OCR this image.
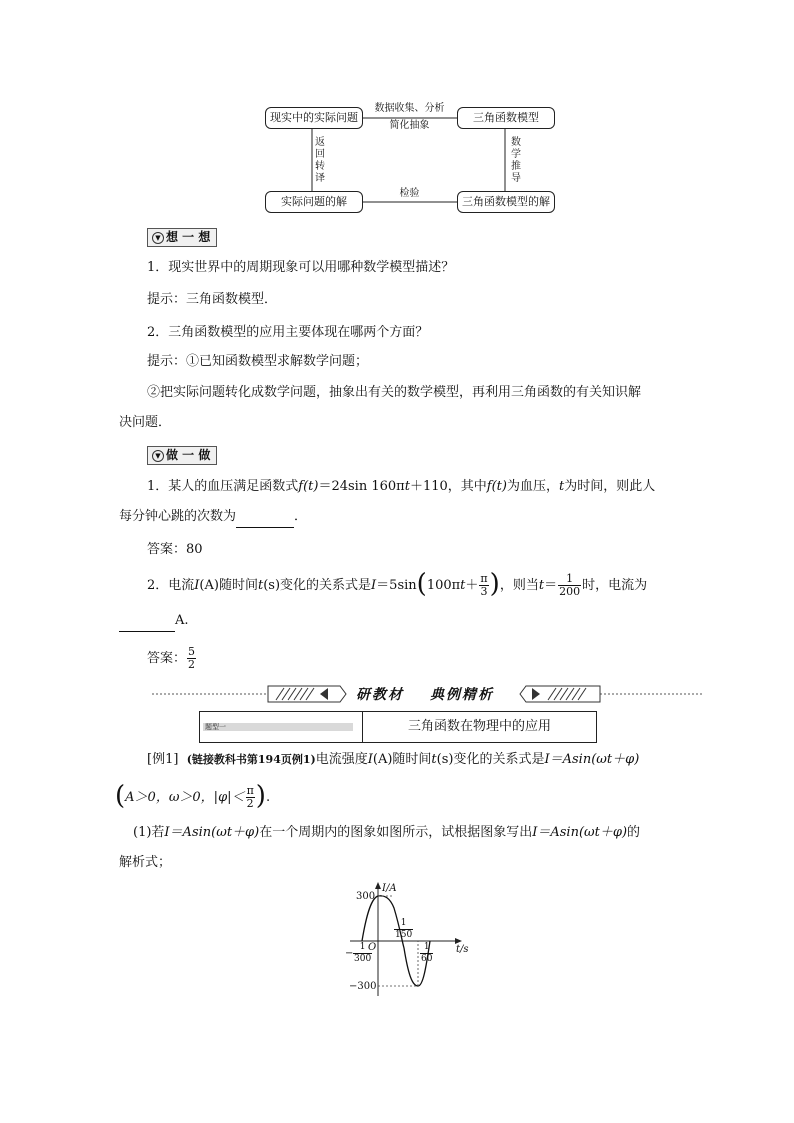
现实中的实际问题	三角函数模型
实际问题的解	三角函数模型的解
数据收集、分析
简化抽象
检验
返
回
转
译
数
学
推
导
▼ 想 一 想
1．现实世界中的周期现象可以用哪种数学模型描述？
提示：三角函数模型．
2．三角函数模型的应用主要体现在哪两个方面？
提示：①已知函数模型求解数学问题；
②把实际问题转化成数学问题，抽象出有关的数学模型，再利用三角函数的有关知识解
决问题．
▼ 做 一 做
1．某人的血压满足函数式f(t)＝24sin 160πt＋110，其中f(t)为血压，t为时间，则此人
每分钟心跳的次数为	．
答案：80
2．电流I(A)随时间t(s)变化的关系式是$I=5\sin(100\pi t+ \frac{\pi}{3}$ )，则当$t= \frac{1}{200}$ 时，电流为
A.
答案： $\frac{5}{2}$
研教材 典例精析
题型一	三角函数在物理中的应用
[例1] (链接教科书第194页例1)电流强度I(A)随时间t(s)变化的关系式是I＝Asin(ωt＋φ)
(A＞0，ω＞0，$|\varphi|< \frac{\pi}{2}$ ).
(1)若I＝Asin(ωt＋φ)在一个周期内的图象如图所示，试根据图象写出I＝Asin(ωt＋φ)的
解析式；
I/A
t/s
300
−300
O
− $\frac{1}{300}$
$\frac{1}{150}$
$\frac{1}{60}$
